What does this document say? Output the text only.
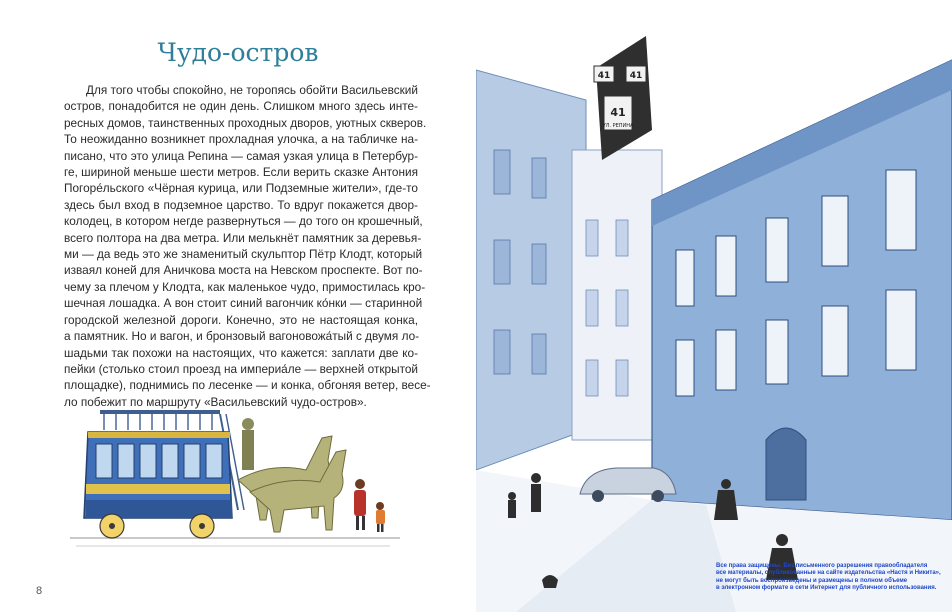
Чудо-остров

Для того чтобы спокойно, не торопясь обойти Васильевский
остров, понадобится не один день. Слишком много здесь инте-
ресных домов, таинственных проходных дворов, уютных скверов.
То неожиданно возникнет прохладная улочка, а на табличке на-
писано, что это улица Репина — самая узкая улица в Петербур-
ге, шириной меньше шести метров. Если верить сказке Антония
Погоре́льского «Чёрная курица, или Подземные жители», где-то
здесь был вход в подземное царство. То вдруг покажется двор-
колодец, в котором негде развернуться — до того он крошечный,
всего полтора на два метра. Или мелькнёт памятник за деревья-
ми — да ведь это же знаменитый скульптор Пётр Клодт, который
изваял коней для Аничкова моста на Невском проспекте. Вот по-
чему за плечом у Клодта, как маленькое чудо, примостилась кро-
шечная лошадка. А вон стоит синий вагончик ко́нки — старинной
городской железной дороги. Конечно, это не настоящая конка,
а памятник. Но и вагон, и бронзовый вагоновожа́тый с двумя ло-
шадьми так похожи на настоящих, что кажется: заплати две ко-
пейки (столько стоил проезд на империа́ле — верхней открытой
площадке), поднимись по лесенке — и конка, обгоняя ветер, весе-
ло побежит по маршруту «Васильевский чудо-остров».

8
41 41
41
УЛ. РЕПИНА
Все права защищены. Без письменного разрешения правообладателя
все материалы, опубликованные на сайте издательства «Настя и Никита»,
не могут быть воспроизведены и размещены в полном объеме
в электронном формате в сети Интернет для публичного использования.
